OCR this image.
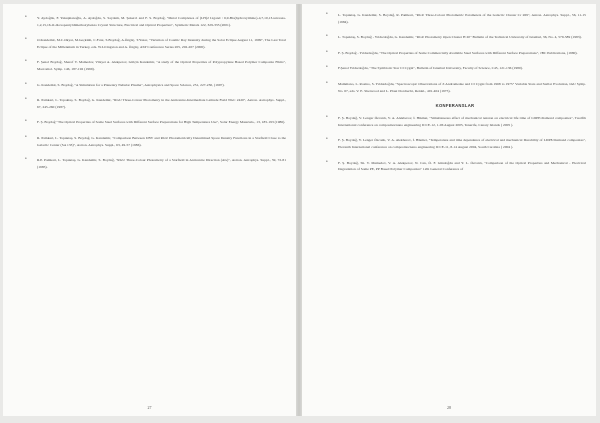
•	Y. Aydoğdu, F. Yakuphanoğlu, A. Aydoğdu, S. Saydam, M. Şekerci and F. S. Boydağ, "Metal Complexes of (LH)2 Ligand : 6,9-Bis(hydroxyimino)-4,7,10,13-tetraaza-1,2,15,16-O-dioxopentyldimethoxybenzo Crystal Structure, Electrical and Optical Properties", Synthetic Metals 122, 329-335 (2001).
•	O.Kandemir, M.C.Okyar, M.Geçkinli, C.Fırat, S.Boydağ, A.Özgüç, T.Yazar, "Variation of Cosmic Ray Intensity during the Solar Eclipse August 11, 1999", The Last Total Eclipse of the Millennium in Turkey, eds. W.Livingston and A. Özgüç, ASP Conference Series 205, 202-207 (2000).
•	F. Şenol Boydağ, Sherof V. Mamedov, Vilayet A. Alekperov, Gülçin Kandemir, "A study of the Optical Properties of Polypropylene Based Polymer Composite Films", Macromol. Symp. 146, 187-192 (1999).
•	G. Kandemir, S. Boydağ, "A Simulation for a Planetary Nebular Plasma", Astrophysics and Space Science, 251, 227-230, (1997).
•	R. Pamkart, L. Topaktaş, S. Boydağ, G. Kandemir, "RGU Three-Colour Photometry in the Anticentre-Intermediate Latitude Field NGC 2420", Astron. Astrophys. Suppl., 67, 245-260 (1987).
•	F. Ş. Boydağ "The Optical Properties of Some Steel Surfaces with Different Surface Preparations for High Temperature Use", Solar Energy Materials., 13, 185-193 (1986).
•	R. Pamkart, L. Topaktaş, S. Boydağ, G. Kandemir, "Comparison Between UBV and RGU Photometrically Determined Space Density Functions in a Starfield Close to the Galactic Center (SA 133)", Astron. Astrophys. Suppl., 63, 49-57 (1986).
•	R.P. Pamkart, L. Topaktaş, G. Kandemir, S. Boydağ, "RGU Three-Colour Photometry of a Starfield in Anticentre Direction (AG)", Astron. Astrophys. Suppl., 59, 72-81 (1985).
27
•	L. Topaktaş, G. Kandemir, S. Boydağ, R. Pamkart, "RGU Three-Colour Photometric Parameters of the Galactic Cluster Cr 269", Astron. Astrophys. Suppl., 56, 11-15 (1984).
•	L. Topaktaş, S. Boydağ - Yıldızdoğdu, G. Kandemir, "RGU Photometry Open Cluster H 20" Bulletin of the Technical University of Istanbul, 36, No. 4, 579-589 (1983).
•	F. Ş. Boydağ - Yıldızdoğdu, "The Optical Properties of Some Commercially Available Steel Surfaces with Different Surface Preparations", JBC Publications, (1980).
•	F.Şenol Yıldızdoğdu, "The Symbiotic Star CI Cygni", Bulletin of Istanbul University, Faculty of Science, C45, 121-136 (1980).
•	Mammano, L. Rosino, S. Yıldızdoğdu, "Spectroscopic Observations of Z Andromedae and CI Cygni from 1968 to 1975" Variable Stars and Stellar Evolution, IAU Symp. No. 67, eds. V. E. Sherwood and L. Plaut Dordrecht, Reidel., 401-404 (1975).
KONFERANSLAR
•	F. Ş. Boydağ, V. Lenger Özcanlı, V. A. Alekberov, İ. Hikmet, "Simultaneous effect of mechanical tension on electrical life time of LDPE/diamond composites", Twelfth International conference on composites/nano engineering ICCE-12, 1-06 August 2005, Tenerife, Canary Islands ( 2005 ).
•	F. Ş. Boydağ, Y. Lenger Özcanlı, V. A. Alekberov, İ. Hikmet, "Temperature and time dependence of electrical and mechanical Durability of LDPE/diamond composites", Eleventh International conference on composites/nano engineering ICCE-11, 8-14 August 2004, South Carolina ( 2004 ).
•	F. Ş. Boydağ, Sh. V. Mamedov, V. A. Alekperov, N. Can, Ö. F. Gündoğdu and Y. L. Özcanlı, "Comparison of the Optical Properties and Mechanical - Electrical Degradation of Some PE, PP Based Polymer Composites" 12th General Conference of
28
